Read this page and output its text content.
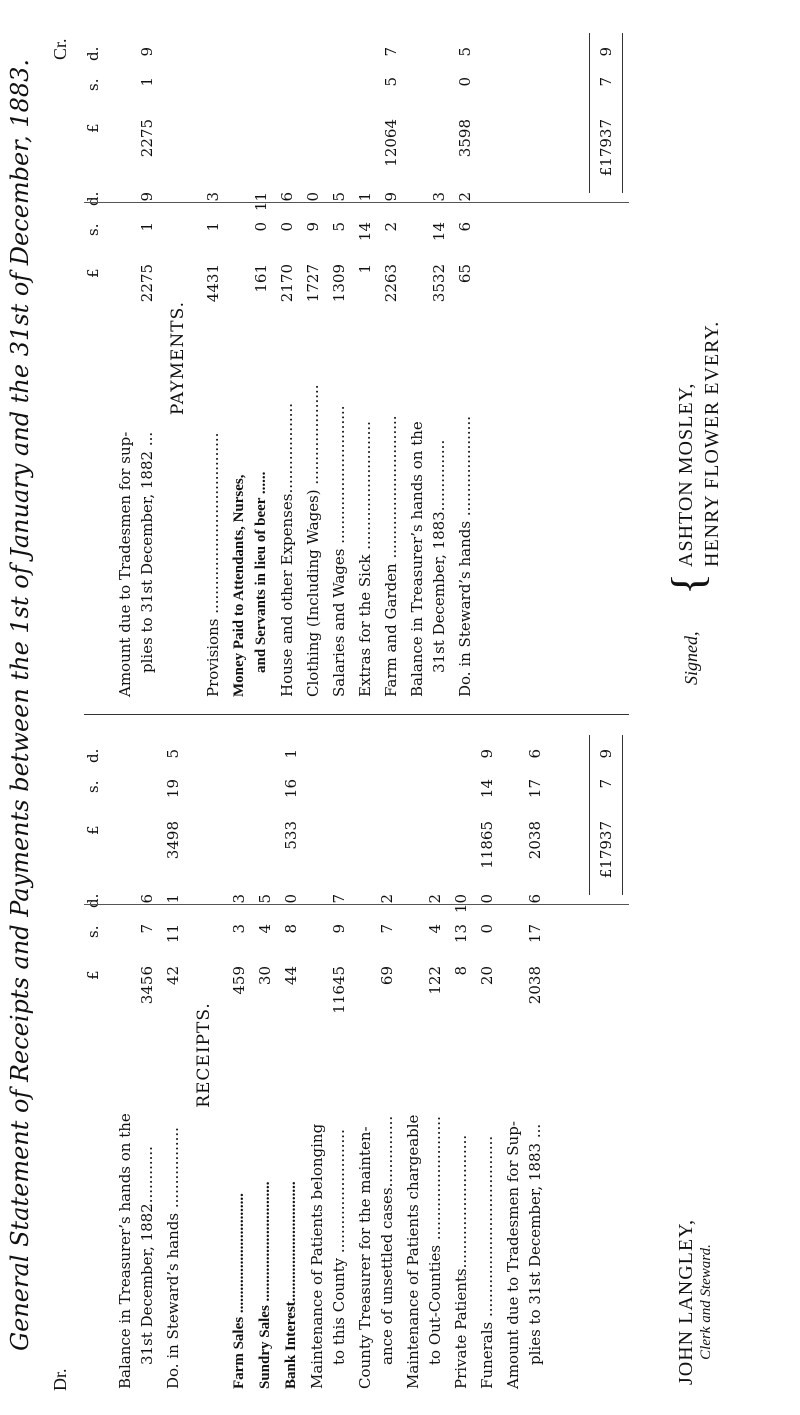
General Statement of Receipts and Payments between the 1st of January and the 31st of December, 1883.
Dr.
Cr.
£
s.
d.
£
s.
d.
Balance in Treasurer’s hands on the 31st December, 1882............
3456
7
6
Do. in Steward’s hands .................
42
11
1
3498
19
5
RECEIPTS.
Farm Sales ................................
459
3
3
Sundry Sales ................................
30
4
5
Bank Interest................................
44
8
0
533
16
1
Maintenance of Patients belonging to this County ..........................
11645
9
7
County Treasurer for the mainten- ance of unsettled cases...............
69
7
2
Maintenance of Patients chargeable to Out-Counties ..........................
122
4
2
Private Patients............................
8
13
10
Funerals ......................................
20
0
0
11865
14
9
Amount due to Tradesmen for Sup- plies to 31st December, 1883 ...
2038
17
6
2038
17
6
£17937
7
9
£
s.
d.
£
s.
d.
Amount due to Tradesmen for sup- plies to 31st December, 1882 ...
2275
1
9
2275
1
9
PAYMENTS.
Provisions ......................................
4431
1
3
Money Paid to Attendants, Nurses, and Servants in lieu of beer ......
161
0
11
House and other Expenses...................
2170
0
6
Clothing (Including Wages) .....................
1727
9
0
Salaries and Wages .............................
1309
5
5
Extras for the Sick ...........................
1
14
1
Farm and Garden ..............................
2263
2
9
12064
5
7
Balance in Treasurer’s hands on the 31st December, 1883...............
3532
14
3
Do. in Steward’s hands .....................
65
6
2
3598
0
5
£17937
7
9
JOHN LANGLEY, Clerk and Steward.
Signed,
{
ASHTON MOSLEY, HENRY FLOWER EVERY.
